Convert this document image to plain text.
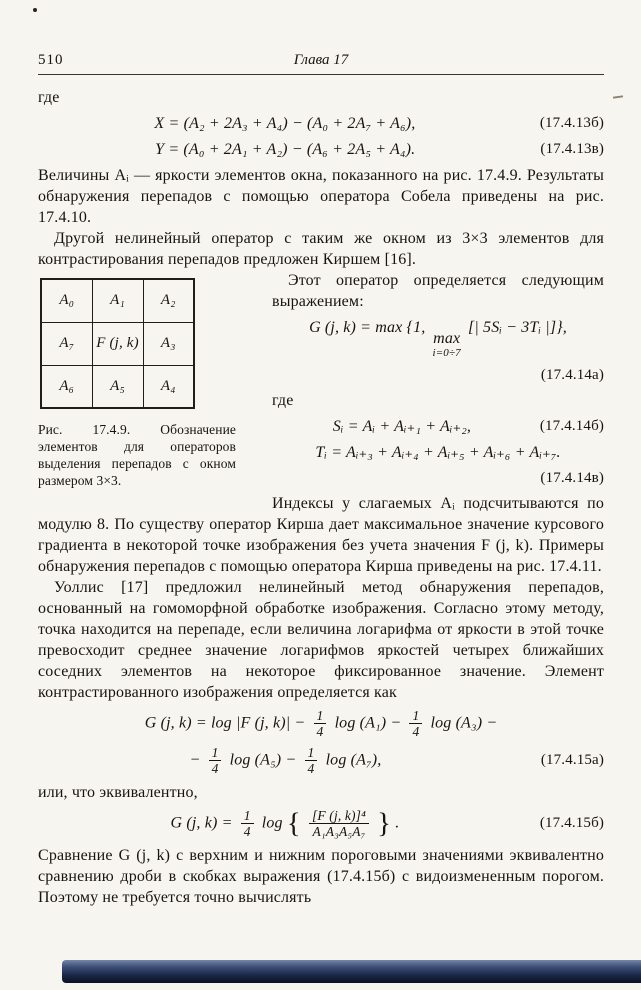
510	Глава 17

где

X = (A₂ + 2A₃ + A₄) − (A₀ + 2A₇ + A₆),	(17.4.13б)
Y = (A₀ + 2A₁ + A₂) − (A₆ + 2A₅ + A₄).	(17.4.13в)

Величины Aᵢ — яркости элементов окна, показанного на рис. 17.4.9. Результаты обнаружения перепадов с помощью оператора Собела приведены на рис. 17.4.10.

Другой нелинейный оператор с таким же окном из 3×3 элементов для контрастирования перепадов предложен Киршем [16].

A₀	A₁	A₂
A₇	F (j, k)	A₃
A₆	A₅	A₄
Рис. 17.4.9. Обозначение элементов для операторов выделения перепадов с окном размером 3×3.

Этот оператор определяется следующим выражением:

G (j, k) = max {1,
max
i=0÷7
[| 5Sᵢ − 3Tᵢ |]},
(17.4.14а)

где

Sᵢ = Aᵢ + Aᵢ₊₁ + Aᵢ₊₂,	(17.4.14б)
Tᵢ = Aᵢ₊₃ + Aᵢ₊₄ + Aᵢ₊₅ + Aᵢ₊₆ + Aᵢ₊₇.
(17.4.14в)

Индексы у слагаемых Aᵢ подсчитываются по модулю 8. По существу оператор Кирша дает максимальное значение курсового градиента в некоторой точке изображения без учета значения F (j, k). Примеры обнаружения перепадов с помощью оператора Кирша приведены на рис. 17.4.11.

Уоллис [17] предложил нелинейный метод обнаружения перепадов, основанный на гомоморфной обработке изображения. Согласно этому методу, точка находится на перепаде, если величина логарифма от яркости в этой точке превосходит среднее значение логарифмов яркостей четырех ближайших соседних элементов на некоторое фиксированное значение. Элемент контрастированного изображения определяется как

G (j, k) = log |F (j, $k)| - \frac{1}{4}$ $\log (A_1) - \frac{1}{4}$ log (A₃) −
− $\frac{1}{4}$ $\log (A_5) - \frac{1}{4}$ log (A₇),	(17.4.15а)

или, что эквивалентно,

G (j, $k) = \frac{1}{4}$ log { $\frac{\text{[F (j, k)]⁴}}{\text{A₁A₃A₅A₇}}$ } .	(17.4.15б)

Сравнение G (j, k) с верхним и нижним пороговыми значениями эквивалентно сравнению дроби в скобках выражения (17.4.15б) с видоизмененным порогом. Поэтому не требуется точно вычислять
